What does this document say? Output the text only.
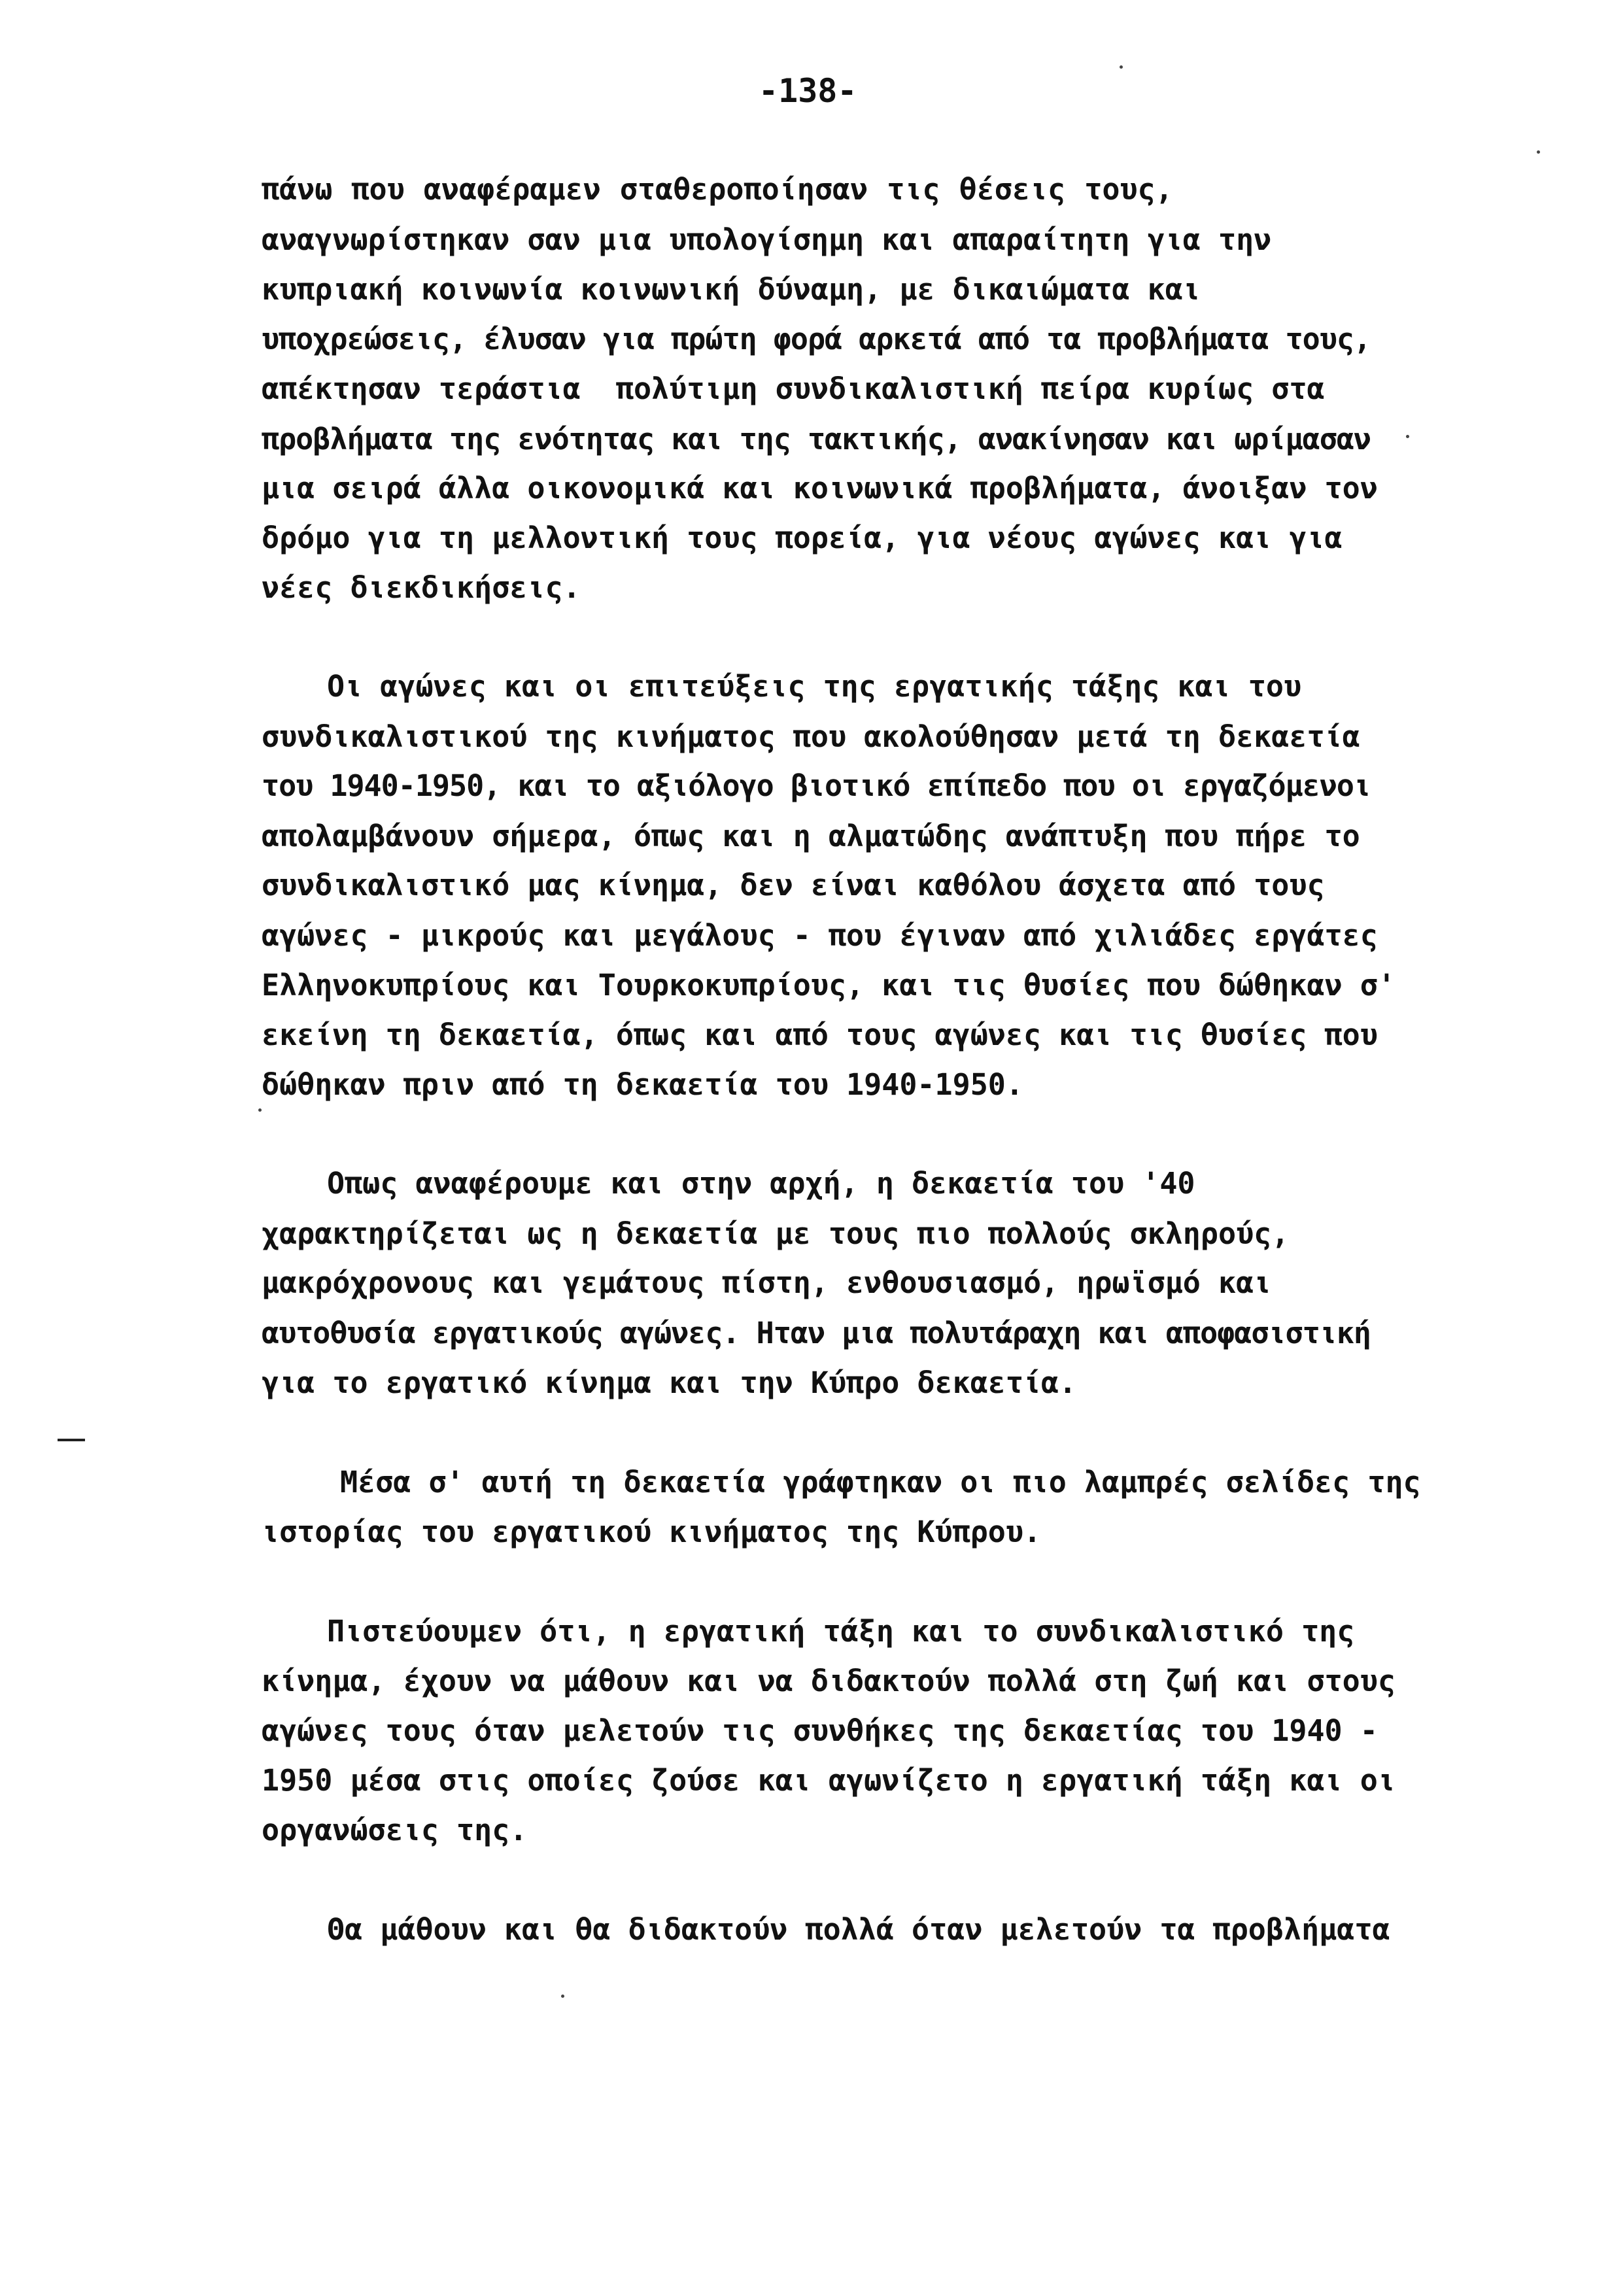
-138-
πάνω που αναφέραμεν σταθεροποίησαν τις θέσεις τους,
αναγνωρίστηκαν σαν μια υπολογίσημη και απαραίτητη για την
κυπριακή κοινωνία κοινωνική δύναμη, με δικαιώματα και
υποχρεώσεις, έλυσαν για πρώτη φορά αρκετά από τα προβλήματα τους,
απέκτησαν τεράστια  πολύτιμη συνδικαλιστική πείρα κυρίως στα
προβλήματα της ενότητας και της τακτικής, ανακίνησαν και ωρίμασαν
μια σειρά άλλα οικονομικά και κοινωνικά προβλήματα, άνοιξαν τον
δρόμο για τη μελλοντική τους πορεία, για νέους αγώνες και για
νέες διεκδικήσεις.
Οι αγώνες και οι επιτεύξεις της εργατικής τάξης και του
συνδικαλιστικού της κινήματος που ακολούθησαν μετά τη δεκαετία
του 1940-1950, και το αξιόλογο βιοτικό επίπεδο που οι εργαζόμενοι
απολαμβάνουν σήμερα, όπως και η αλματώδης ανάπτυξη που πήρε το
συνδικαλιστικό μας κίνημα, δεν είναι καθόλου άσχετα από τους
αγώνες - μικρούς και μεγάλους - που έγιναν από χιλιάδες εργάτες
Ελληνοκυπρίους και Τουρκοκυπρίους, και τις θυσίες που δώθηκαν σ'
εκείνη τη δεκαετία, όπως και από τους αγώνες και τις θυσίες που
δώθηκαν πριν από τη δεκαετία του 1940-1950.
Οπως αναφέρουμε και στην αρχή, η δεκαετία του '40
χαρακτηρίζεται ως η δεκαετία με τους πιο πολλούς σκληρούς,
μακρόχρονους και γεμάτους πίστη, ενθουσιασμό, ηρωϊσμό και
αυτοθυσία εργατικούς αγώνες. Ηταν μια πολυτάραχη και αποφασιστική
για το εργατικό κίνημα και την Κύπρο δεκαετία.
Μέσα σ' αυτή τη δεκαετία γράφτηκαν οι πιο λαμπρές σελίδες της
ιστορίας του εργατικού κινήματος της Κύπρου.
Πιστεύουμεν ότι, η εργατική τάξη και το συνδικαλιστικό της
κίνημα, έχουν να μάθουν και να διδακτούν πολλά στη ζωή και στους
αγώνες τους όταν μελετούν τις συνθήκες της δεκαετίας του 1940 -
1950 μέσα στις οποίες ζούσε και αγωνίζετο η εργατική τάξη και οι
οργανώσεις της.
Θα μάθουν και θα διδακτούν πολλά όταν μελετούν τα προβλήματα
